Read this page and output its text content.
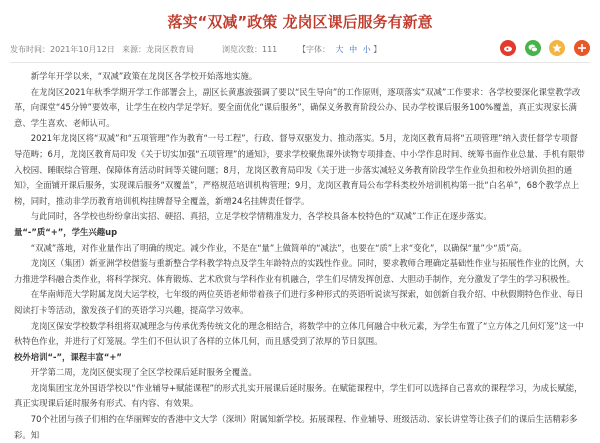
落实“双减”政策 龙岗区课后服务有新意
发布时间：2021年10月12日 来源：龙岗区教育局	浏览次数：111	【字体： 大 中 小 】

新学年开学以来，“双减”政策在龙岗区各学校开始落地实施。

在龙岗区2021年秋季学期开学工作部署会上，副区长黄惠波强调了要以“民生导向”的工作原则，逐项落实“双减”工作要求：各学校要深化课堂教学改革，向课堂“45分钟”要效率，让学生在校内学足学好。要全面优化“课后服务”，确保义务教育阶段公办、民办学校课后服务100%覆盖，真正实现家长满意、学生喜欢、老师认可。

2021年龙岗区将“双减”和“五项管理”作为教育“一号工程”，行政、督导双驱发力、推动落实。5月，龙岗区教育局将“五项管理”纳入责任督学专项督导范畴；6月，龙岗区教育局印发《关于切实加强“五项管理”的通知》，要求学校聚焦课外读物专项排查、中小学作息时间、统筹书面作业总量、手机有限带入校园、睡眠综合管理、保障体育活动时间等关键问题；8月，龙岗区教育局印发《关于进一步落实减轻义务教育阶段学生作业负担和校外培训负担的通知》，全面铺开课后服务，实现课后服务“双覆盖”，严格规范培训机构管理；9月，龙岗区教育局公布学科类校外培训机构第一批“白名单”，68个教学点上榜，同时，推动非学历教育培训机构挂牌督导全覆盖，新增24名挂牌责任督学。

与此同时，各学校也纷纷拿出实招、硬招、真招，立足学校学情精准发力，各学校具备本校特色的“双减”工作正在逐步落实。

量“-”质“+”，学生兴趣up

“双减”落地，对作业量作出了明确的规定。减少作业，不是在“量”上做简单的“减法”，也要在“质”上求“变化”，以确保“量”少“质”高。

龙岗区（集团）新亚洲学校借鉴与重新整合学科教学特点及学生年龄特点的实践性作业。同时，要求教师合理确定基础性作业与拓展性作业的比例，大力推进学科融合类作业，将科学探究、体育锻炼、艺术欣赏与学科作业有机融合，学生们尽情发挥创意、大胆动手制作，充分激发了学生的学习积极性。

在华南师范大学附属龙岗大运学校，七年级的两位英语老师带着孩子们进行多种形式的英语听说读写探索，如创新自我介绍、中秋假期特色作业、每日阅读打卡等活动，激发孩子们的英语学习兴趣，提高学习效率。

龙岗区保安学校数学科组将双减理念与传承优秀传统文化的理念相结合，将数学中的立体几何融合中秋元素，为学生布置了“立方体之几何灯笼”这一中秋特色作业，并进行了灯笼展。学生们不但认识了各样的立体几何，而且感受到了浓厚的节日氛围。

校外培训“-”，课程丰富“+”

开学第二周，龙岗区便实现了全区学校课后延时服务全覆盖。

龙岗集团宝龙外国语学校以“作业辅导+赋能课程”的形式扎实开展课后延时服务。在赋能课程中，学生们可以选择自己喜欢的课程学习，为成长赋能，真正实现课后延时服务有形式、有内容、有效果。

70个社团与孩子们相约在华丽辉安的香港中文大学（深圳）附属知新学校。拓展课程、作业辅导、班级活动、家长讲堂等让孩子们的课后生活精彩多彩。知
